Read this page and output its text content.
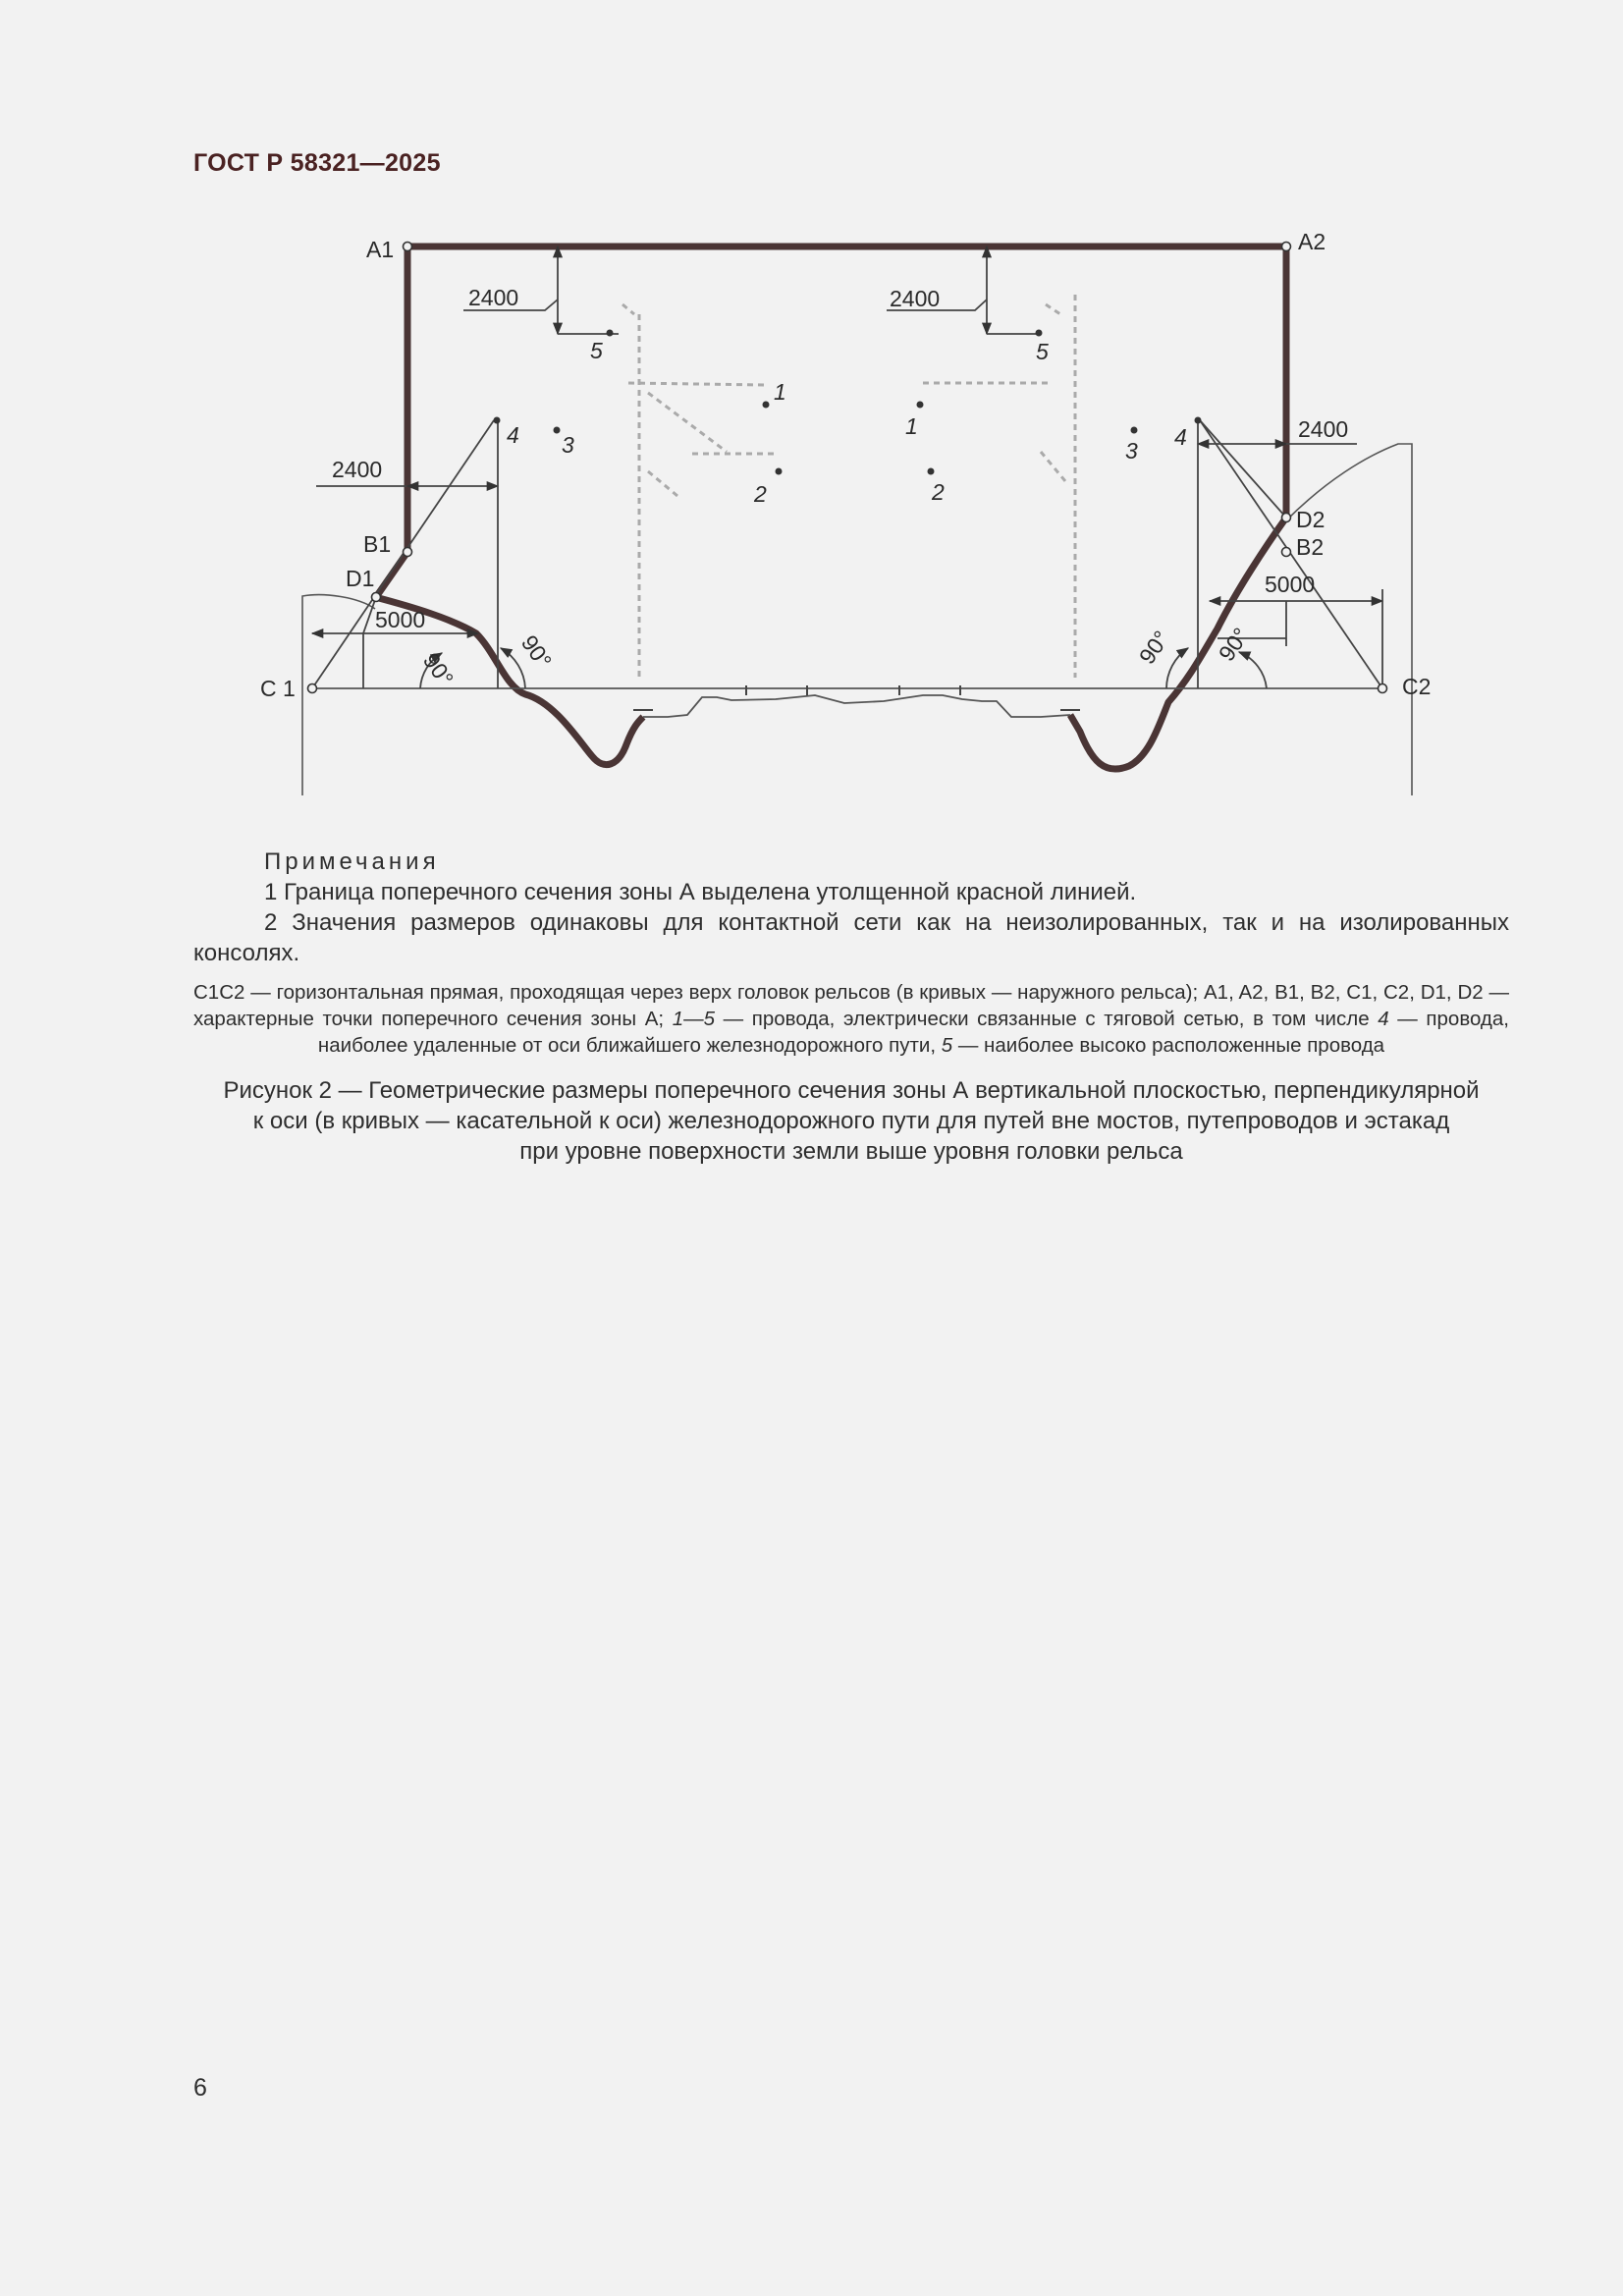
ГОСТ Р 58321—2025
A1	A2
B1	B2
C 1	C2
D1
D2
2400	2400
2400
2400
5000
5000
90°	90°	90° 90°
5	5
1
1
2	2
3	3
4	4
Примечания
1 Граница поперечного сечения зоны А выделена утолщенной красной линией.
2 Значения размеров одинаковы для контактной сети как на неизолированных, так и на изолированных консолях.
C1C2 — горизонтальная прямая, проходящая через верх головок рельсов (в кривых — наружного рельса); A1, A2, B1, B2, C1, C2, D1, D2 — характерные точки поперечного сечения зоны А; 1—5 — провода, электрически связанные с тяговой сетью, в том числе 4 — провода, наиболее удаленные от оси ближайшего железнодорожного пути, 5 — наиболее высоко расположенные провода
Рисунок 2 — Геометрические размеры поперечного сечения зоны А вертикальной плоскостью, перпендикулярной
к оси (в кривых — касательной к оси) железнодорожного пути для путей вне мостов, путепроводов и эстакад
при уровне поверхности земли выше уровня головки рельса
6
